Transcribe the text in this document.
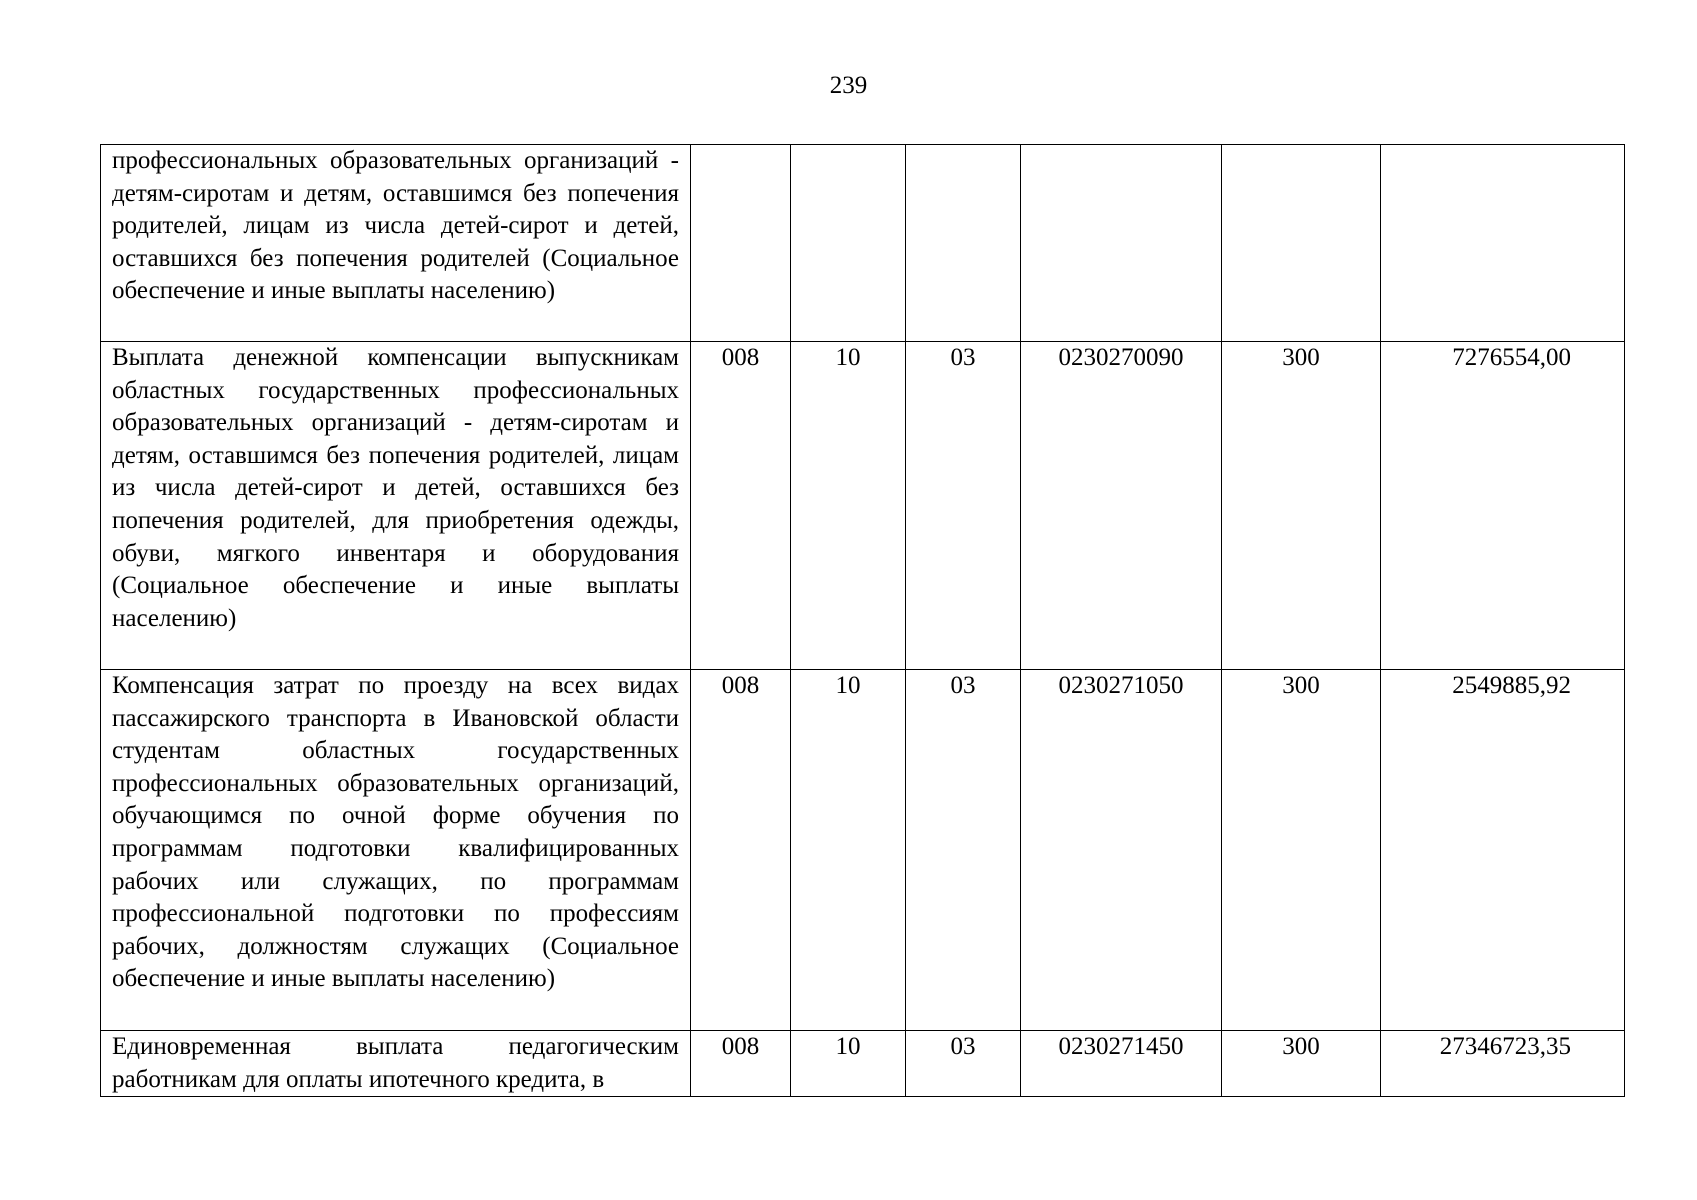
239
профессиональных образовательных организаций - детям-сиротам и детям, оставшимся без попечения родителей, лицам из числа детей-сирот и детей, оставшихся без попечения родителей (Социальное обеспечение и иные выплаты населению)						
Выплата денежной компенсации выпускникам областных государственных профессиональных образовательных организаций - детям-сиротам и детям, оставшимся без попечения родителей, лицам из числа детей-сирот и детей, оставшихся без попечения родителей, для приобретения одежды, обуви, мягкого инвентаря и оборудования (Социальное обеспечение и иные выплаты населению)	008	10	03	0230270090	300	7276554,00
Компенсация затрат по проезду на всех видах пассажирского транспорта в Ивановской области студентам областных государственных профессиональных образовательных организаций, обучающимся по очной форме обучения по программам подготовки квалифицированных рабочих или служащих, по программам профессиональной подготовки по профессиям рабочих, должностям служащих (Социальное обеспечение и иные выплаты населению)	008	10	03	0230271050	300	2549885,92
Единовременная выплата педагогическим работникам для оплаты ипотечного кредита, в	008	10	03	0230271450	300	27346723,35
